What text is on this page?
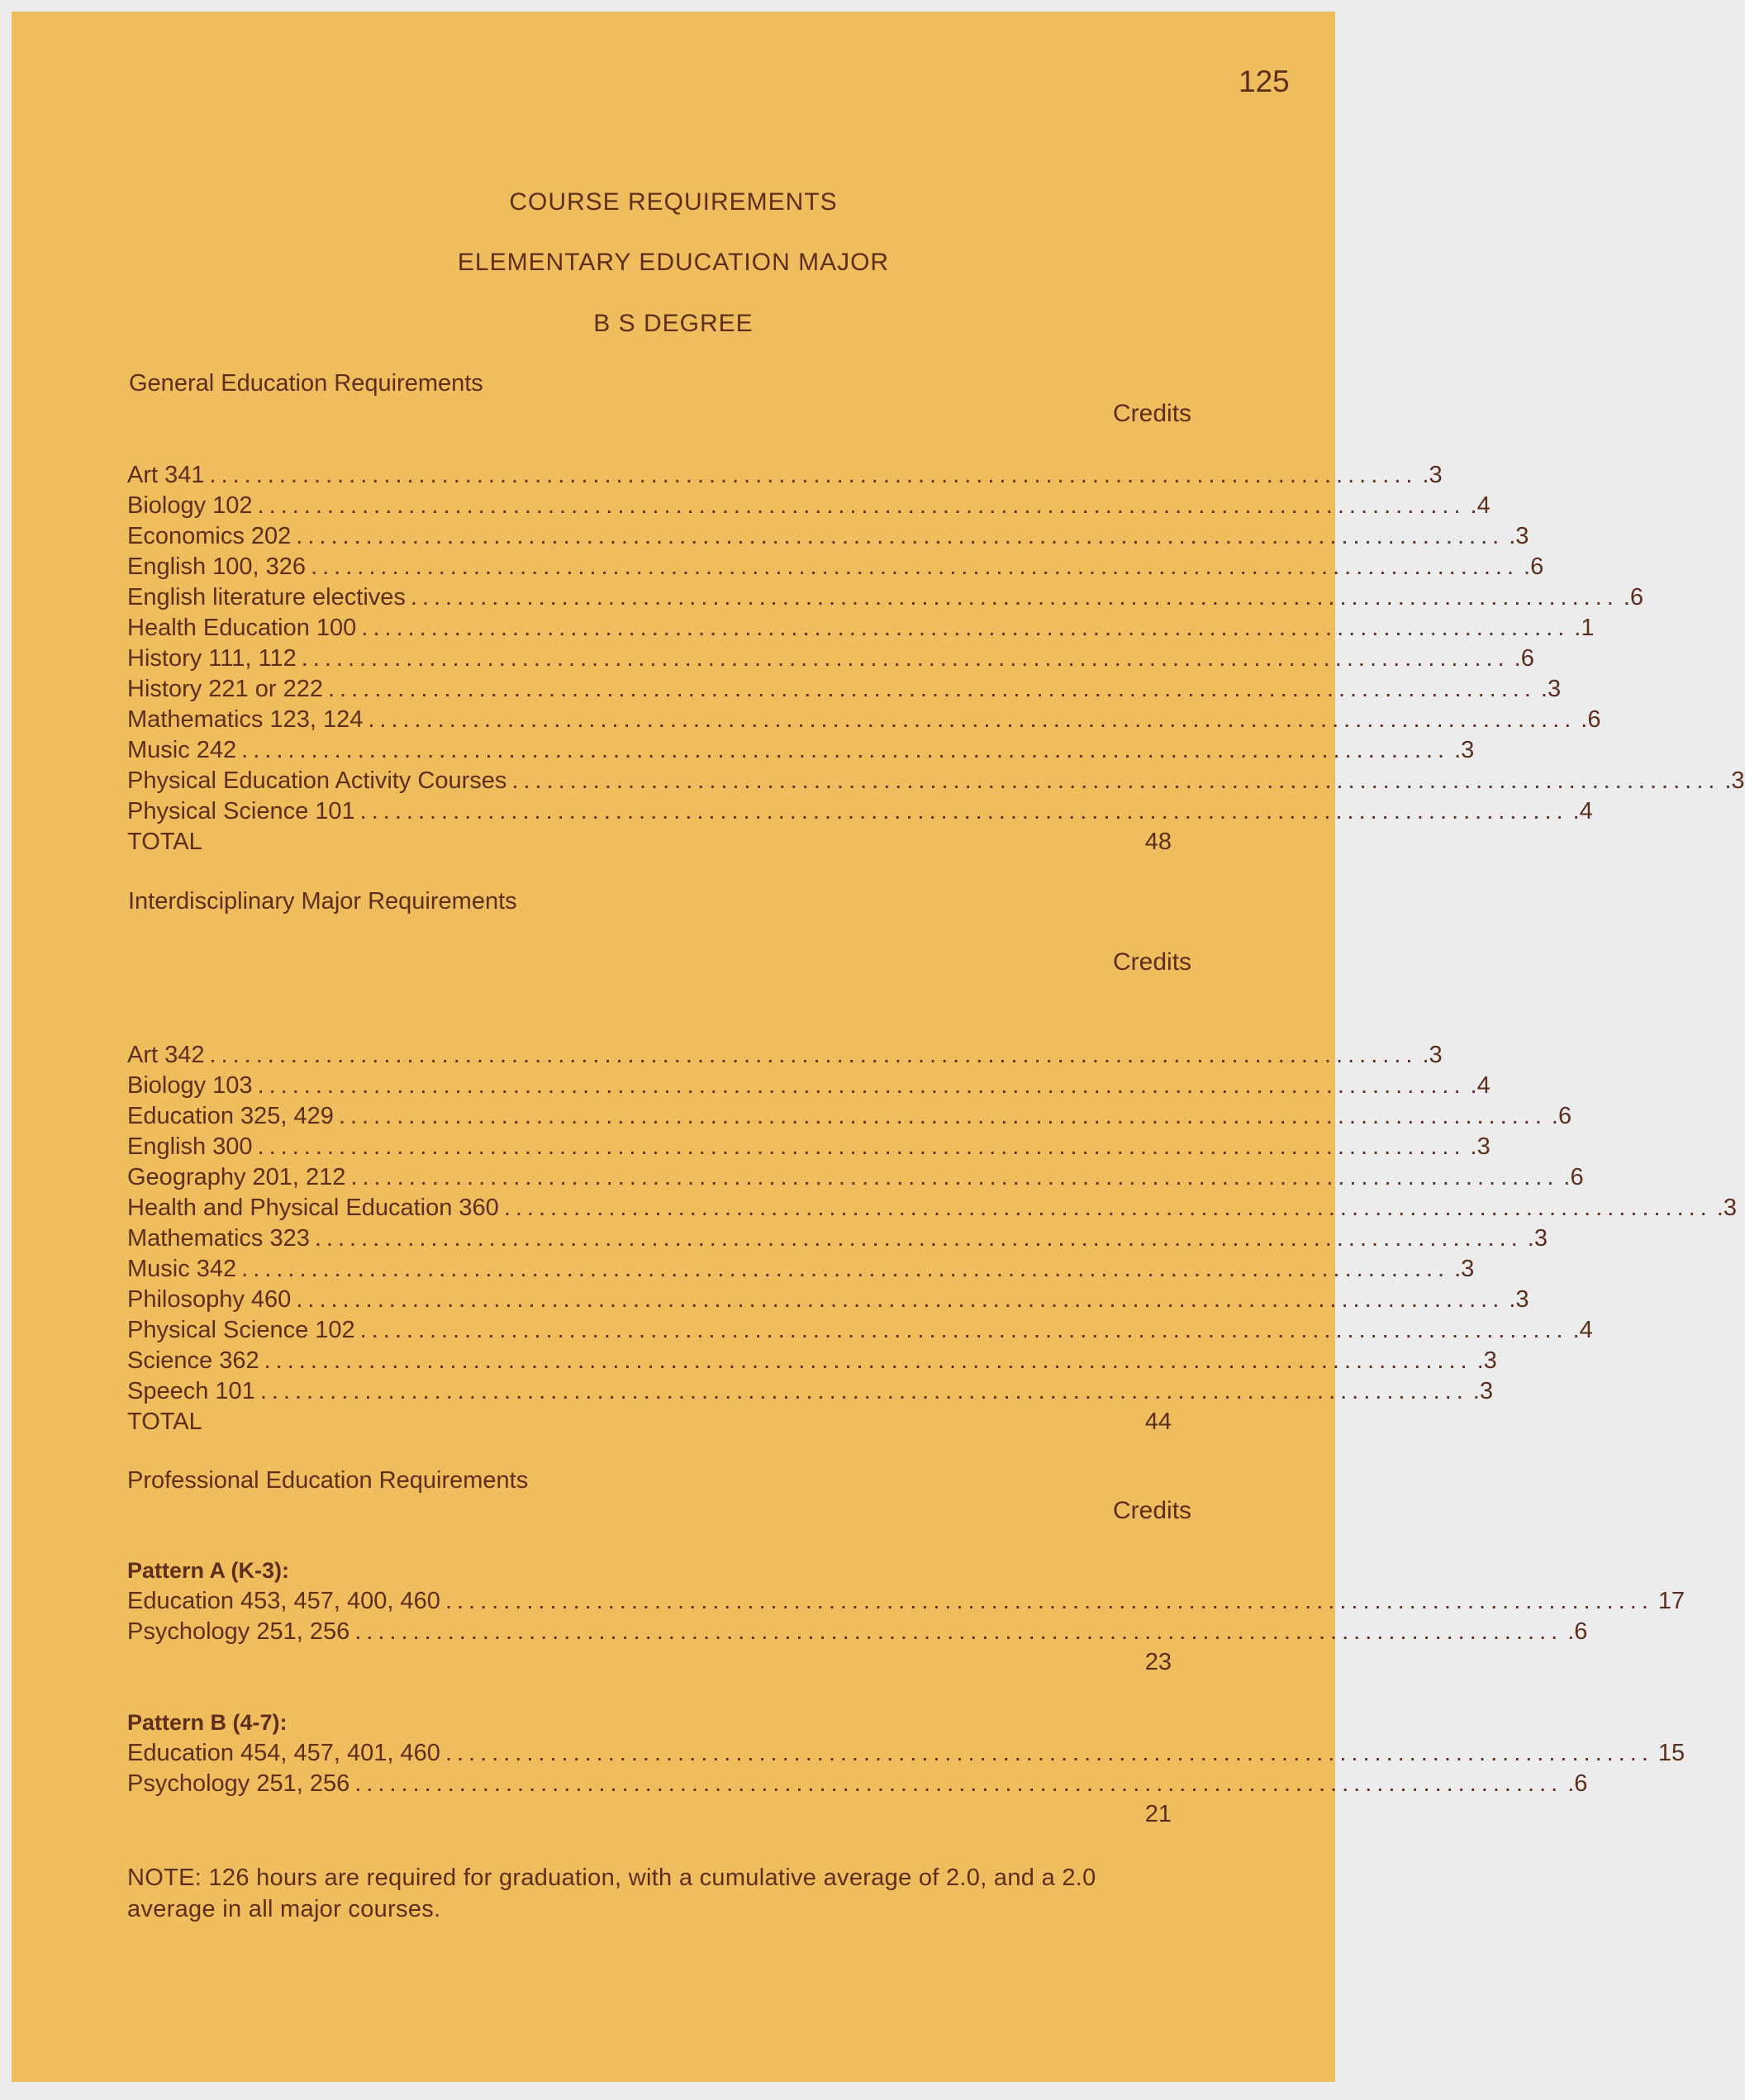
125
COURSE REQUIREMENTS
ELEMENTARY EDUCATION MAJOR
B S DEGREE
General Education Requirements
Credits
Art 341 ........................................................................................................ .3
Biology 102 ........................................................................................................ .4
Economics 202 ........................................................................................................ .3
English 100, 326 ........................................................................................................ .6
English literature electives ........................................................................................................ .6
Health Education 100 ........................................................................................................ .1
History 111, 112 ........................................................................................................ .6
History 221 or 222 ........................................................................................................ .3
Mathematics 123, 124 ........................................................................................................ .6
Music 242 ........................................................................................................ .3
Physical Education Activity Courses ........................................................................................................ .3
Physical Science 101 ........................................................................................................ .4
TOTAL	48
Interdisciplinary Major Requirements
Credits
Art 342 ........................................................................................................ .3
Biology 103 ........................................................................................................ .4
Education 325, 429 ........................................................................................................ .6
English 300 ........................................................................................................ .3
Geography 201, 212 ........................................................................................................ .6
Health and Physical Education 360 ........................................................................................................ .3
Mathematics 323 ........................................................................................................ .3
Music 342 ........................................................................................................ .3
Philosophy 460 ........................................................................................................ .3
Physical Science 102 ........................................................................................................ .4
Science 362 ........................................................................................................ .3
Speech 101 ........................................................................................................ .3
TOTAL	44
Professional Education Requirements
Credits
Pattern A (K-3):
Education 453, 457, 400, 460 ........................................................................................................ 17
Psychology 251, 256 ........................................................................................................ .6
23
Pattern B (4-7):
Education 454, 457, 401, 460 ........................................................................................................ 15
Psychology 251, 256 ........................................................................................................ .6
21
NOTE: 126 hours are required for graduation, with a cumulative average of 2.0, and a 2.0 average in all major courses.
